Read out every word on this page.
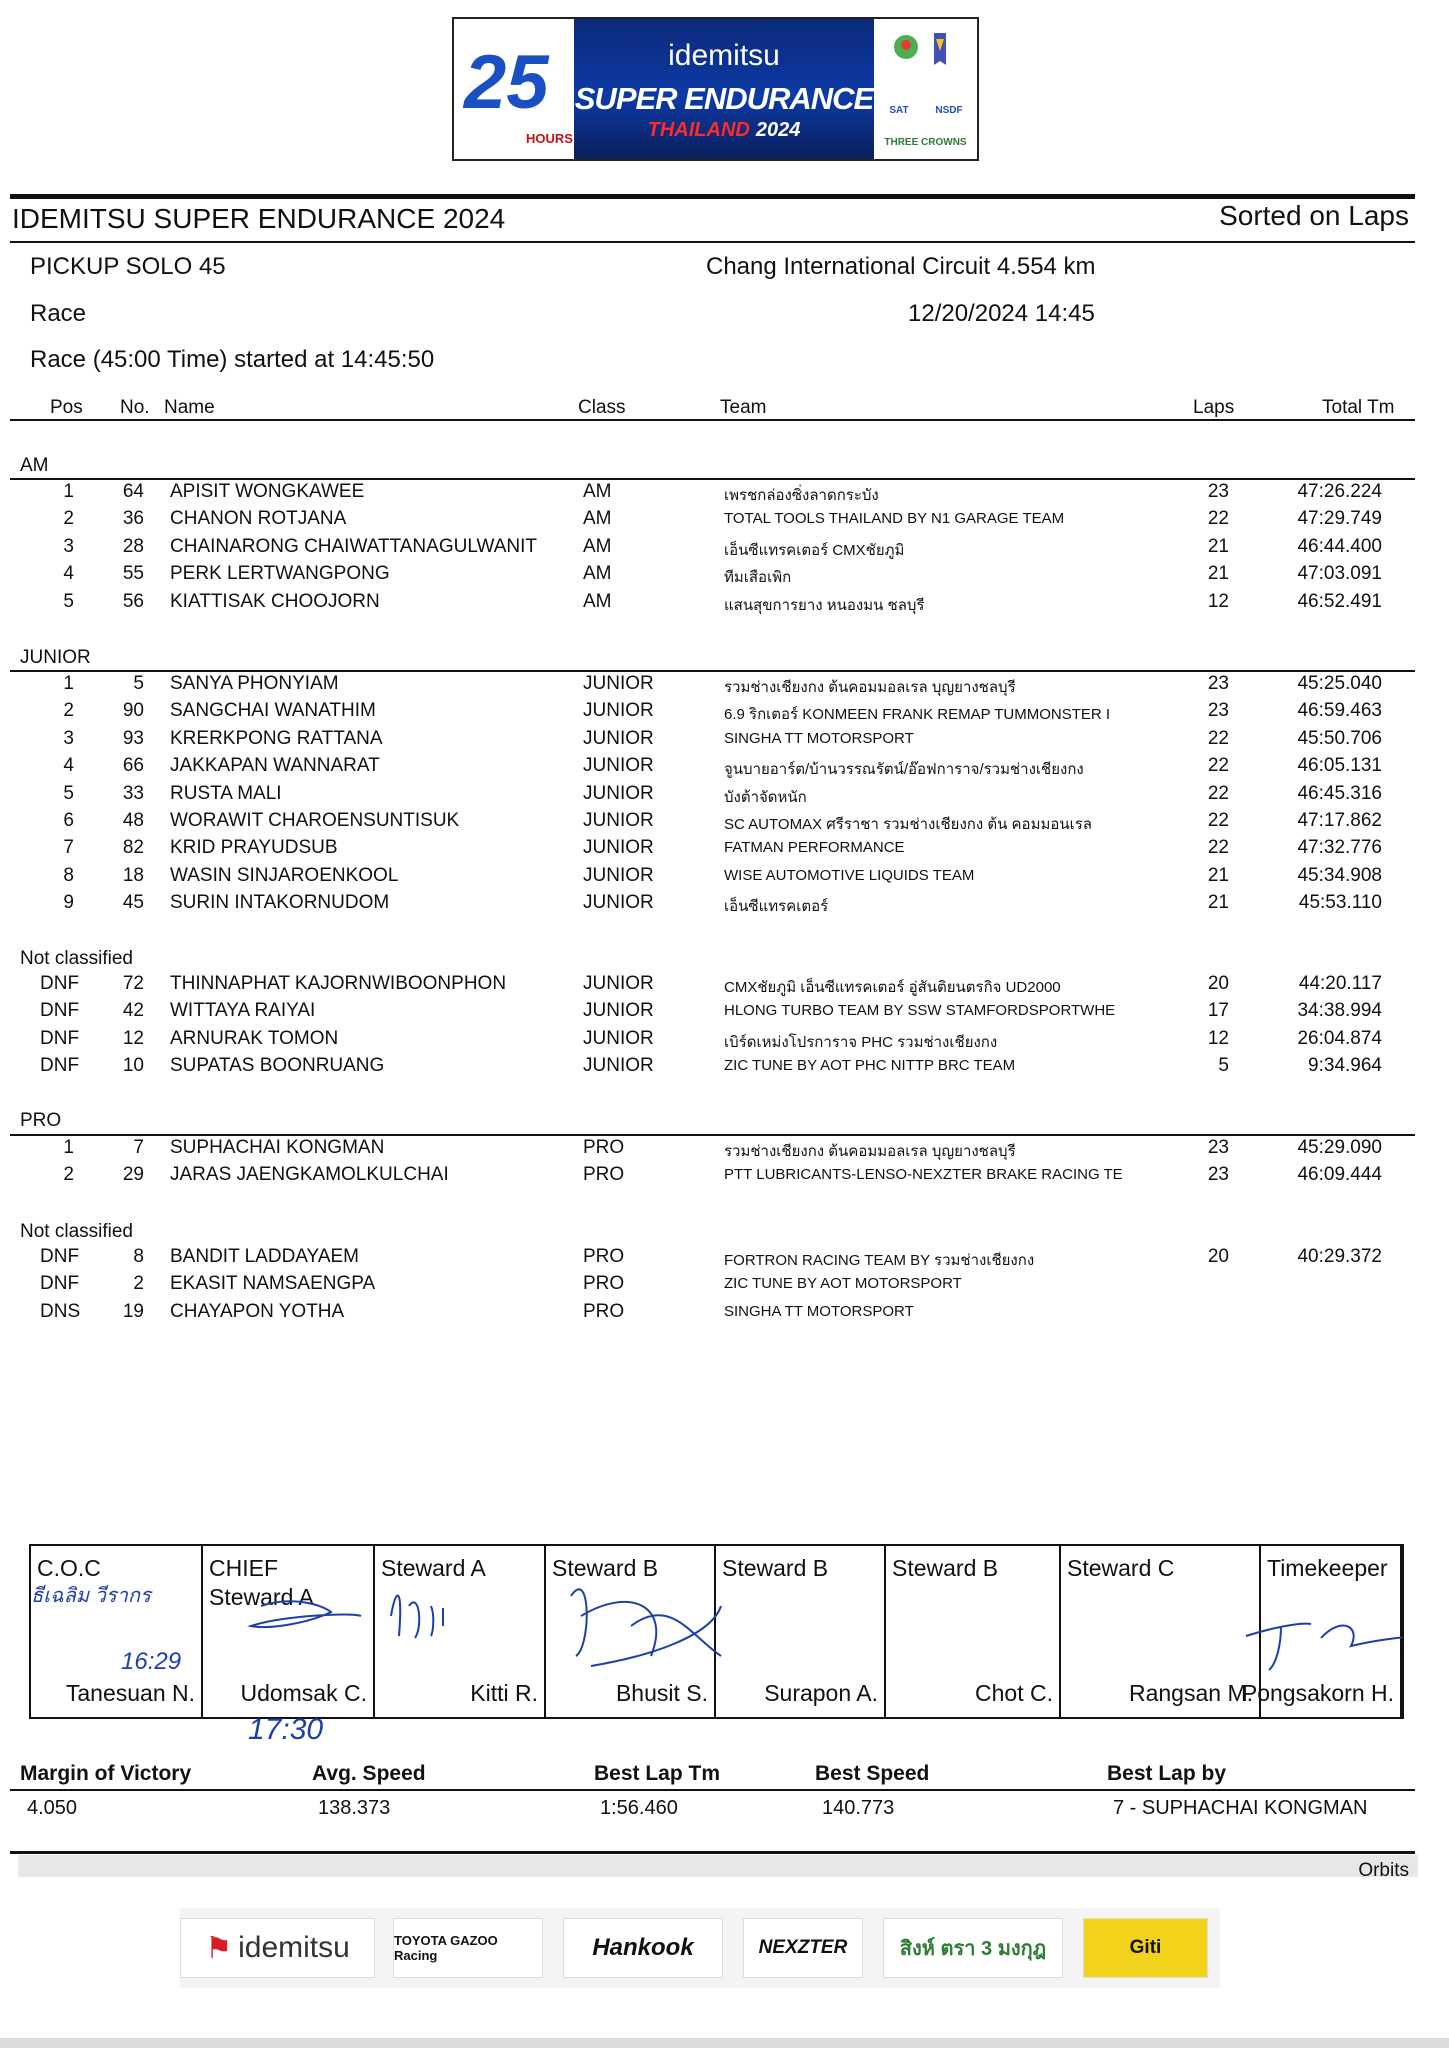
25
HOURS
idemitsu
SUPER ENDURANCE
THAILAND 2024
SAT	NSDF
THREE CROWNS
IDEMITSU SUPER ENDURANCE 2024	Sorted on Laps
PICKUP SOLO 45	Chang International Circuit 4.554 km
Race	12/20/2024 14:45
Race (45:00 Time) started at 14:45:50
Pos No. Name	Class	Team	Laps	Total Tm
AM
1	64 APISIT WONGKAWEE	AM	เพรชกล่องซิ่งลาดกระบัง	23	47:26.224
2	36 CHANON ROTJANA	AM	TOTAL TOOLS THAILAND BY N1 GARAGE TEAM	22	47:29.749
3	28 CHAINARONG CHAIWATTANAGULWANIT AM	เอ็นซีแทรคเตอร์ CMXชัยภูมิ	21	46:44.400
4	55 PERK LERTWANGPONG	AM	ทีมเสือเพิก	21	47:03.091
5	56 KIATTISAK CHOOJORN	AM	แสนสุขการยาง หนองมน ชลบุรี	12	46:52.491
JUNIOR
1	5 SANYA PHONYIAM	JUNIOR	รวมช่างเชียงกง ต้นคอมมอลเรล บุญยางชลบุรี	23	45:25.040
2	90 SANGCHAI WANATHIM	JUNIOR	6.9 ริกเตอร์ KONMEEN FRANK REMAP TUMMONSTER I	23	46:59.463
3	93 KRERKPONG RATTANA	JUNIOR	SINGHA TT MOTORSPORT	22	45:50.706
4	66 JAKKAPAN WANNARAT	JUNIOR	จูนบายอาร์ต/บ้านวรรณรัตน์/อ๊อฟการาจ/รวมช่างเชียงกง	22	46:05.131
5	33 RUSTA MALI	JUNIOR	บังต้าจัดหนัก	22	46:45.316
6	48 WORAWIT CHAROENSUNTISUK	JUNIOR	SC AUTOMAX ศรีราชา รวมช่างเชียงกง ต้น คอมมอนเรล	22	47:17.862
7	82 KRID PRAYUDSUB	JUNIOR	FATMAN PERFORMANCE	22	47:32.776
8	18 WASIN SINJAROENKOOL	JUNIOR	WISE AUTOMOTIVE LIQUIDS TEAM	21	45:34.908
9	45 SURIN INTAKORNUDOM	JUNIOR	เอ็นซีแทรคเตอร์	21	45:53.110
Not classified
DNF	72 THINNAPHAT KAJORNWIBOONPHON	JUNIOR	CMXชัยภูมิ เอ็นซีแทรคเตอร์ อู่สันติยนตรกิจ UD2000	20	44:20.117
DNF	42 WITTAYA RAIYAI	JUNIOR	HLONG TURBO TEAM BY SSW STAMFORDSPORTWHE	17	34:38.994
DNF	12 ARNURAK TOMON	JUNIOR	เบิร์ดเหม่งโปรการาจ PHC รวมช่างเชียงกง	12	26:04.874
DNF	10 SUPATAS BOONRUANG	JUNIOR	ZIC TUNE BY AOT PHC NITTP BRC TEAM	5	9:34.964
PRO
1	7 SUPHACHAI KONGMAN	PRO	รวมช่างเชียงกง ต้นคอมมอลเรล บุญยางชลบุรี	23	45:29.090
2	29 JARAS JAENGKAMOLKULCHAI	PRO	PTT LUBRICANTS-LENSO-NEXZTER BRAKE RACING TE	23	46:09.444
Not classified
DNF	8 BANDIT LADDAYAEM	PRO	FORTRON RACING TEAM BY รวมช่างเชียงกง	20	40:29.372
DNF	2 EKASIT NAMSAENGPA	PRO	ZIC TUNE BY AOT MOTORSPORT
DNS	19 CHAYAPON YOTHA	PRO	SINGHA TT MOTORSPORT
C.O.C
Tanesuan N.
CHIEF
Steward A
Udomsak C.
Steward A
Kitti R.
Steward B
Bhusit S.
Steward B
Surapon A.
Steward B
Chot C.
Steward C
Rangsan M.
Timekeeper
Pongsakorn H.
ธีเฉลิม วีรากร
16:29
17:30
Margin of Victory	Avg. Speed	Best Lap Tm	Best Speed	Best Lap by
4.050	138.373	1:56.460	140.773	7 - SUPHACHAI KONGMAN
Orbits
⚑ idemitsu	TOYOTA GAZOO Racing	Hankook	NEXZTER	สิงห์ ตรา 3 มงกุฎ	Giti
